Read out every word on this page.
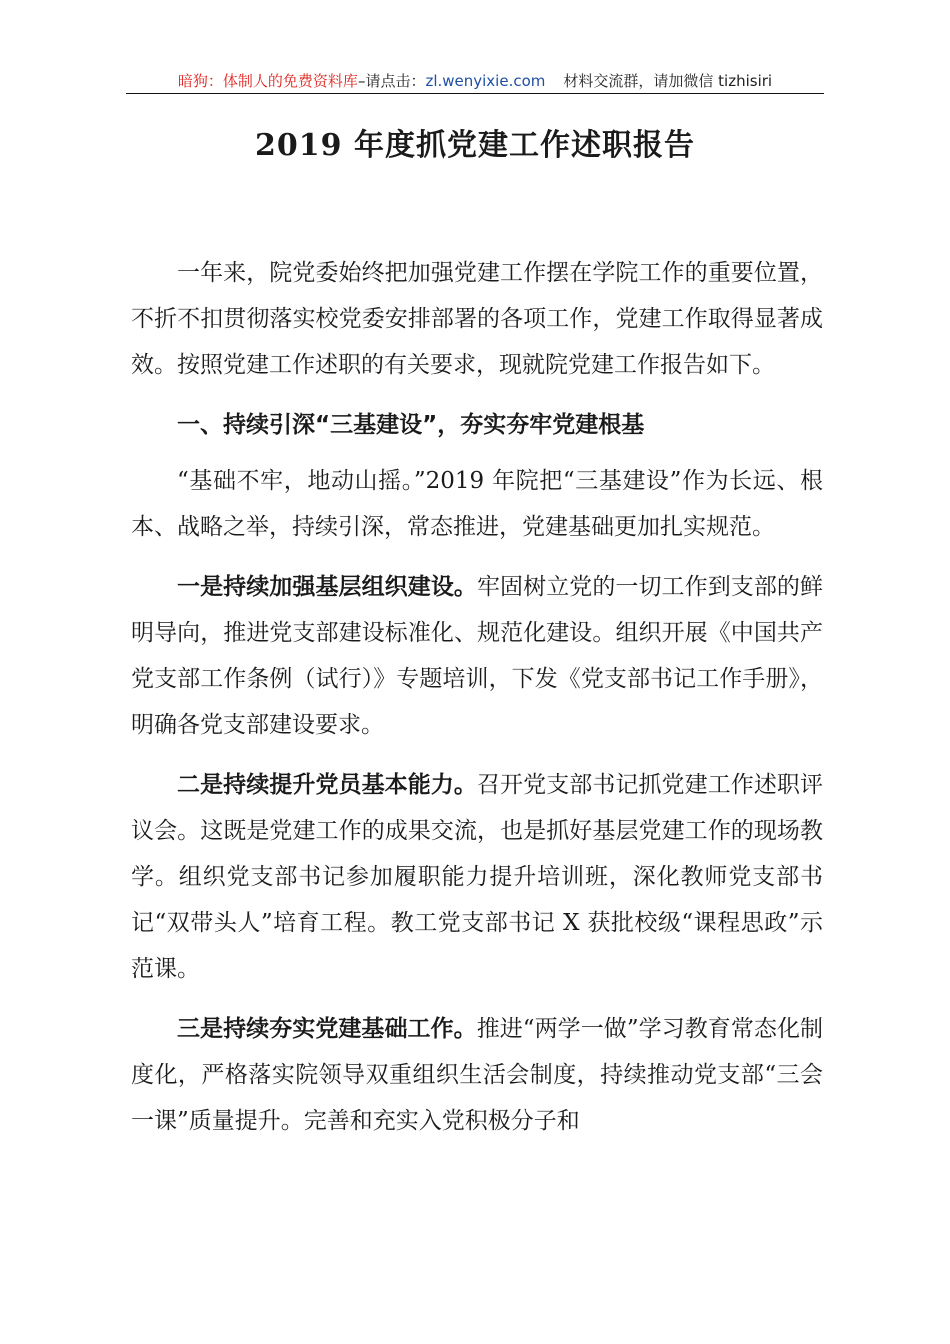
暗狗：体制人的免费资料库–请点击：zl.wenyixie.com 材料交流群，请加微信 tizhisiri
2019 年度抓党建工作述职报告

一年来，院党委始终把加强党建工作摆在学院工作的重要位置，不折不扣贯彻落实校党委安排部署的各项工作，党建工作取得显著成效。按照党建工作述职的有关要求，现就院党建工作报告如下。

一、持续引深“三基建设”，夯实夯牢党建根基

“基础不牢，地动山摇。”2019 年院把“三基建设”作为长远、根本、战略之举，持续引深，常态推进，党建基础更加扎实规范。

一是持续加强基层组织建设。牢固树立党的一切工作到支部的鲜明导向，推进党支部建设标准化、规范化建设。组织开展《中国共产党支部工作条例（试行）》专题培训，下发《党支部书记工作手册》，明确各党支部建设要求。

二是持续提升党员基本能力。召开党支部书记抓党建工作述职评议会。这既是党建工作的成果交流，也是抓好基层党建工作的现场教学。组织党支部书记参加履职能力提升培训班，深化教师党支部书记“双带头人”培育工程。教工党支部书记 X 获批校级“课程思政”示范课。

三是持续夯实党建基础工作。推进“两学一做”学习教育常态化制度化，严格落实院领导双重组织生活会制度，持续推动党支部“三会一课”质量提升。完善和充实入党积极分子和
